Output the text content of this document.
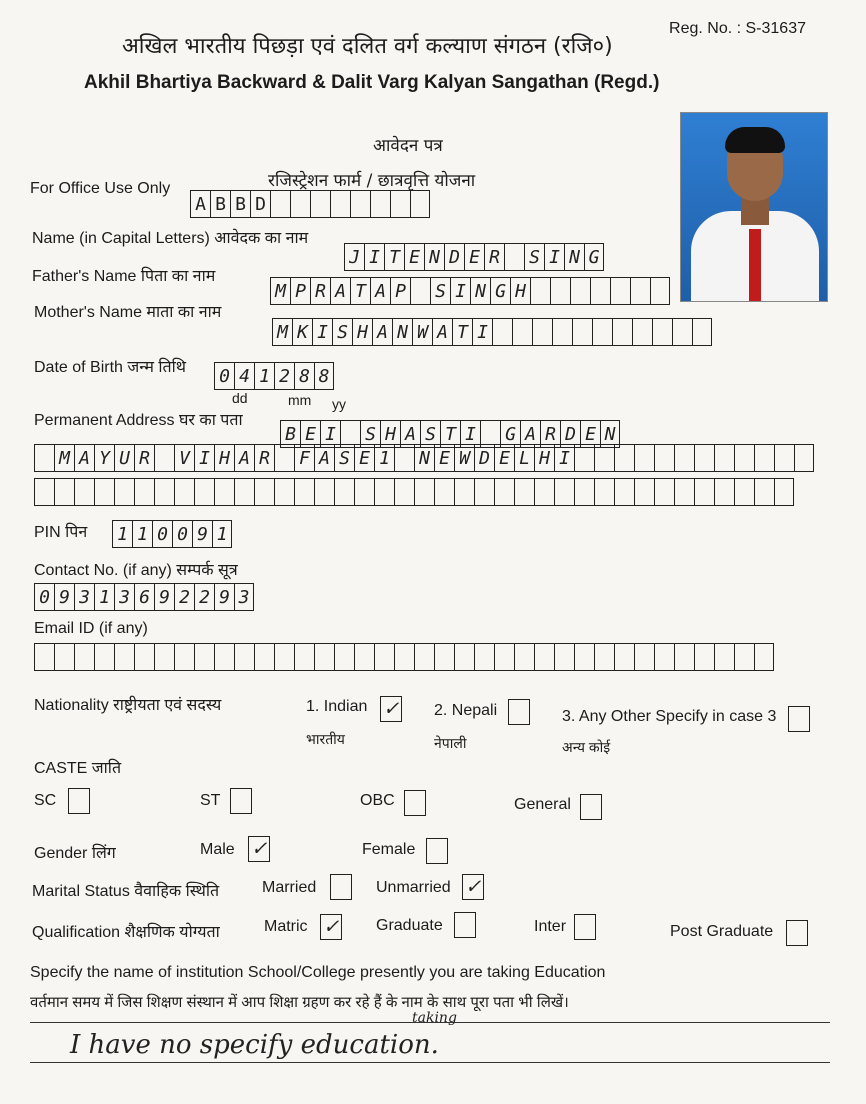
Reg. No. : S-31637
अखिल भारतीय पिछड़ा एवं दलित वर्ग कल्याण संगठन (रजि०)
Akhil Bhartiya Backward & Dalit Varg Kalyan Sangathan (Regd.)
आवेदन पत्र
रजिस्ट्रेशन फार्म / छात्रवृत्ति योजना
For Office Use Only
A B B D
Name (in Capital Letters) आवेदक का नाम
J I T E N D E R S I N G
Father's Name पिता का नाम
M P R A T A P S I N G H
Mother's Name माता का नाम
M K I S H A N W A T I
Date of Birth जन्म तिथि 0 4 1 2 8 8
dd	mm yy
Permanent Address घर का पता
B E I S H A S T I G A R D E N
M A Y U R V I H A R F A S E 1 N E W D E L H I
PIN पिन 1 1 0 0 9 1
Contact No. (if any) सम्पर्क सूत्र
0 9 3 1 3 6 9 2 2 9 3
Email ID (if any)
Nationality राष्ट्रीयता एवं सदस्य	1. Indian ✓
भारतीय
2. Nepali
नेपाली
3. Any Other Specify in case 3
अन्य कोई
CASTE जाति
SC	ST	OBC	General
Gender लिंग	Male ✓	Female
Marital Status वैवाहिक स्थिति	Married	Unmarried ✓
Qualification शैक्षणिक योग्यता	Matric ✓ Graduate	Inter	Post Graduate
Specify the name of institution School/College presently you are taking Education
वर्तमान समय में जिस शिक्षण संस्थान में आप शिक्षा ग्रहण कर रहे हैं के नाम के साथ पूरा पता भी लिखें।
I have no specify education.
taking
